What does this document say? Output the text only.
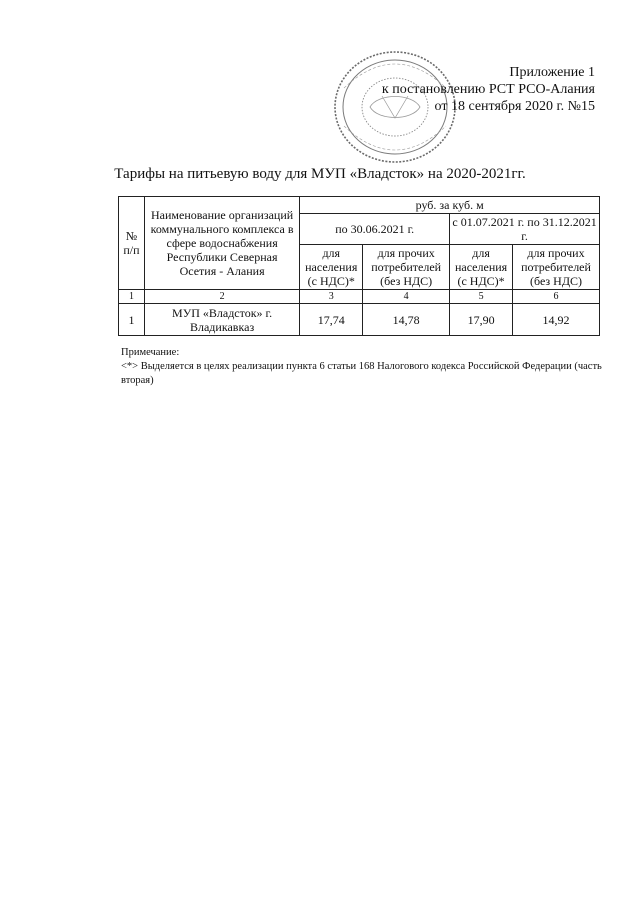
Приложение 1
к постановлению РСТ РСО-Алания
от 18 сентября 2020 г. №15
Тарифы на питьевую воду для МУП «Владсток» на 2020-2021гг.
№ п/п	Наименование организаций коммунального комплекса в сфере водоснабжения Республики Северная Осетия - Алания	руб. за куб. м			
		по 30.06.2021 г.		с 01.07.2021 г. по 31.12.2021 г.	
		для населения (с НДС)*	для прочих потребителей (без НДС)	для населения (с НДС)*	для прочих потребителей (без НДС)
1	2	3	4	5	6
1	МУП «Владсток» г. Владикавказ	17,74	14,78	17,90	14,92
Примечание:
<*> Выделяется в целях реализации пункта 6 статьи 168 Налогового кодекса Российской Федерации (часть вторая)
